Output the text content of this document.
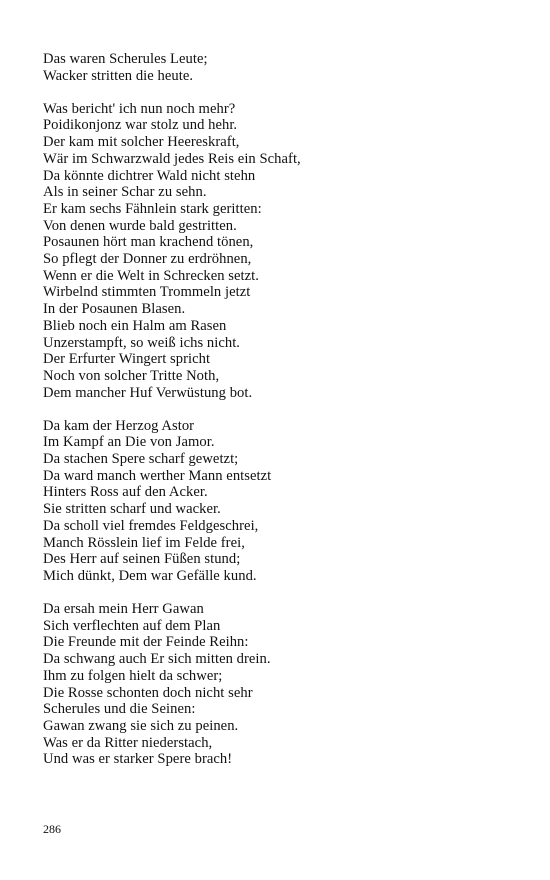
Das waren Scherules Leute;
Wacker stritten die heute.
Was bericht' ich nun noch mehr?
Poidikonjonz war stolz und hehr.
Der kam mit solcher Heereskraft,
Wär im Schwarzwald jedes Reis ein Schaft,
Da könnte dichtrer Wald nicht stehn
Als in seiner Schar zu sehn.
Er kam sechs Fähnlein stark geritten:
Von denen wurde bald gestritten.
Posaunen hört man krachend tönen,
So pflegt der Donner zu erdröhnen,
Wenn er die Welt in Schrecken setzt.
Wirbelnd stimmten Trommeln jetzt
In der Posaunen Blasen.
Blieb noch ein Halm am Rasen
Unzerstampft, so weiß ichs nicht.
Der Erfurter Wingert spricht
Noch von solcher Tritte Noth,
Dem mancher Huf Verwüstung bot.
Da kam der Herzog Astor
Im Kampf an Die von Jamor.
Da stachen Spere scharf gewetzt;
Da ward manch werther Mann entsetzt
Hinters Ross auf den Acker.
Sie stritten scharf und wacker.
Da scholl viel fremdes Feldgeschrei,
Manch Rösslein lief im Felde frei,
Des Herr auf seinen Füßen stund;
Mich dünkt, Dem war Gefälle kund.
Da ersah mein Herr Gawan
Sich verflechten auf dem Plan
Die Freunde mit der Feinde Reihn:
Da schwang auch Er sich mitten drein.
Ihm zu folgen hielt da schwer;
Die Rosse schonten doch nicht sehr
Scherules und die Seinen:
Gawan zwang sie sich zu peinen.
Was er da Ritter niederstach,
Und was er starker Spere brach!
286
